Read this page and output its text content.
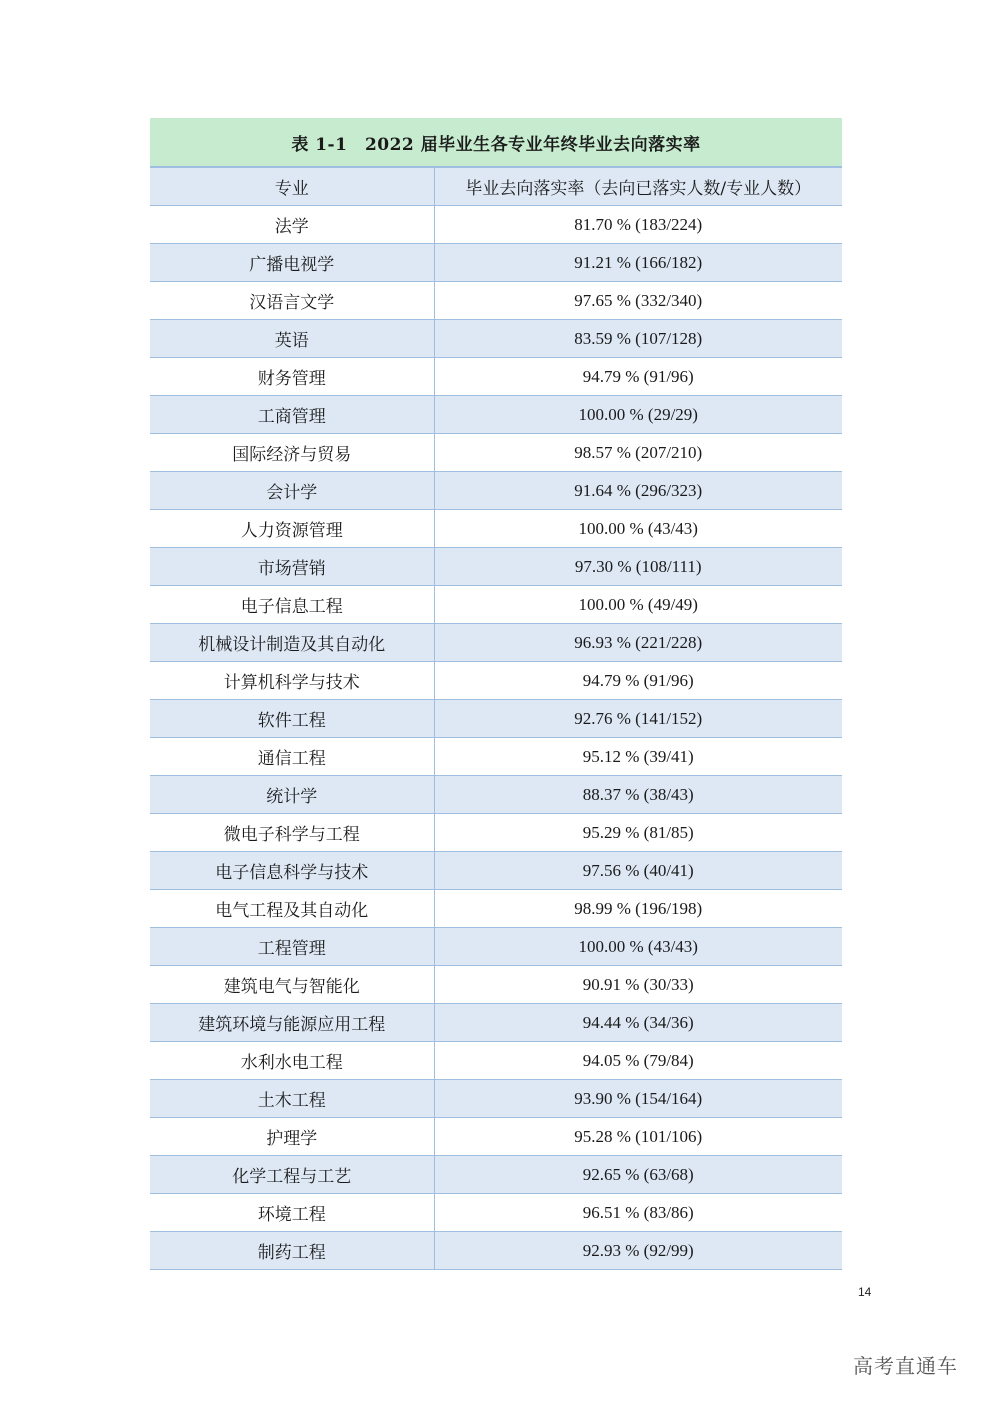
表 1-1　2022 届毕业生各专业年终毕业去向落实率
专业	毕业去向落实率（去向已落实人数/专业人数）
法学	81.70 % (183/224)
广播电视学	91.21 % (166/182)
汉语言文学	97.65 % (332/340)
英语	83.59 % (107/128)
财务管理	94.79 % (91/96)
工商管理	100.00 % (29/29)
国际经济与贸易	98.57 % (207/210)
会计学	91.64 % (296/323)
人力资源管理	100.00 % (43/43)
市场营销	97.30 % (108/111)
电子信息工程	100.00 % (49/49)
机械设计制造及其自动化	96.93 % (221/228)
计算机科学与技术	94.79 % (91/96)
软件工程	92.76 % (141/152)
通信工程	95.12 % (39/41)
统计学	88.37 % (38/43)
微电子科学与工程	95.29 % (81/85)
电子信息科学与技术	97.56 % (40/41)
电气工程及其自动化	98.99 % (196/198)
工程管理	100.00 % (43/43)
建筑电气与智能化	90.91 % (30/33)
建筑环境与能源应用工程	94.44 % (34/36)
水利水电工程	94.05 % (79/84)
土木工程	93.90 % (154/164)
护理学	95.28 % (101/106)
化学工程与工艺	92.65 % (63/68)
环境工程	96.51 % (83/86)
制药工程	92.93 % (92/99)
14
高考直通车
